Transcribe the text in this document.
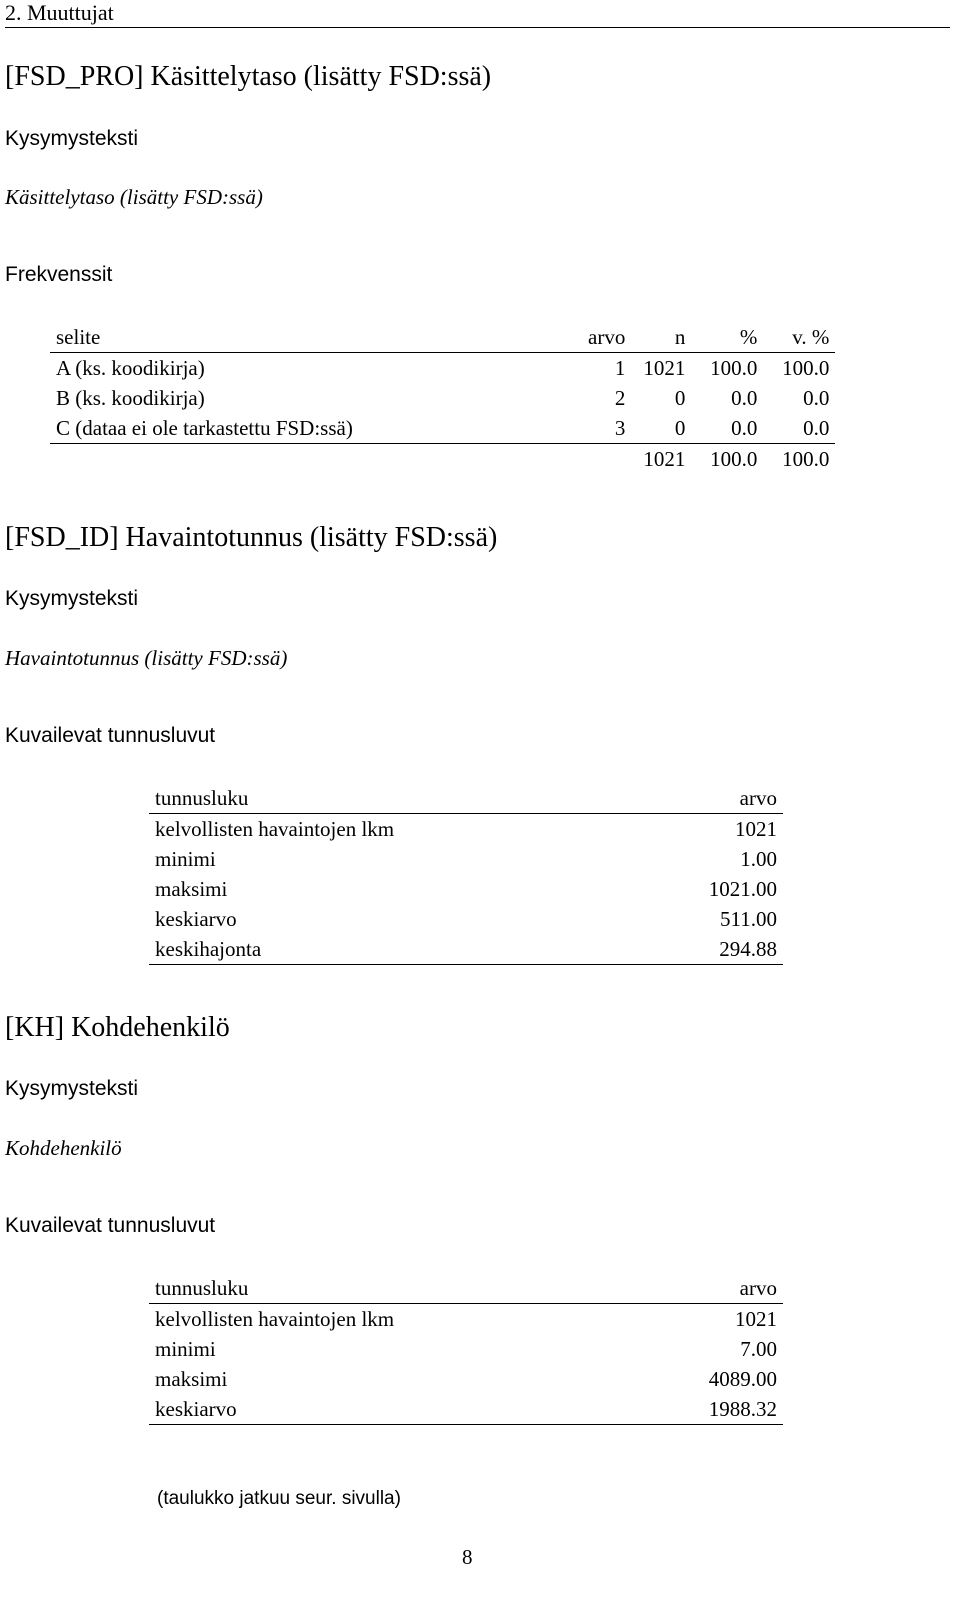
2. Muuttujat
[FSD_PRO] Käsittelytaso (lisätty FSD:ssä)
Kysymysteksti
Käsittelytaso (lisätty FSD:ssä)
Frekvenssit
selite	arvo	n	%	v. %
A (ks. koodikirja)	1	1021	100.0	100.0
B (ks. koodikirja)	2	0	0.0	0.0
C (dataa ei ole tarkastettu FSD:ssä)	3	0	0.0	0.0
		1021	100.0	100.0
[FSD_ID] Havaintotunnus (lisätty FSD:ssä)
Kysymysteksti
Havaintotunnus (lisätty FSD:ssä)
Kuvailevat tunnusluvut
tunnusluku	arvo
kelvollisten havaintojen lkm	1021
minimi	1.00
maksimi	1021.00
keskiarvo	511.00
keskihajonta	294.88
[KH] Kohdehenkilö
Kysymysteksti
Kohdehenkilö
Kuvailevat tunnusluvut
tunnusluku	arvo
kelvollisten havaintojen lkm	1021
minimi	7.00
maksimi	4089.00
keskiarvo	1988.32
(taulukko jatkuu seur. sivulla)
8
